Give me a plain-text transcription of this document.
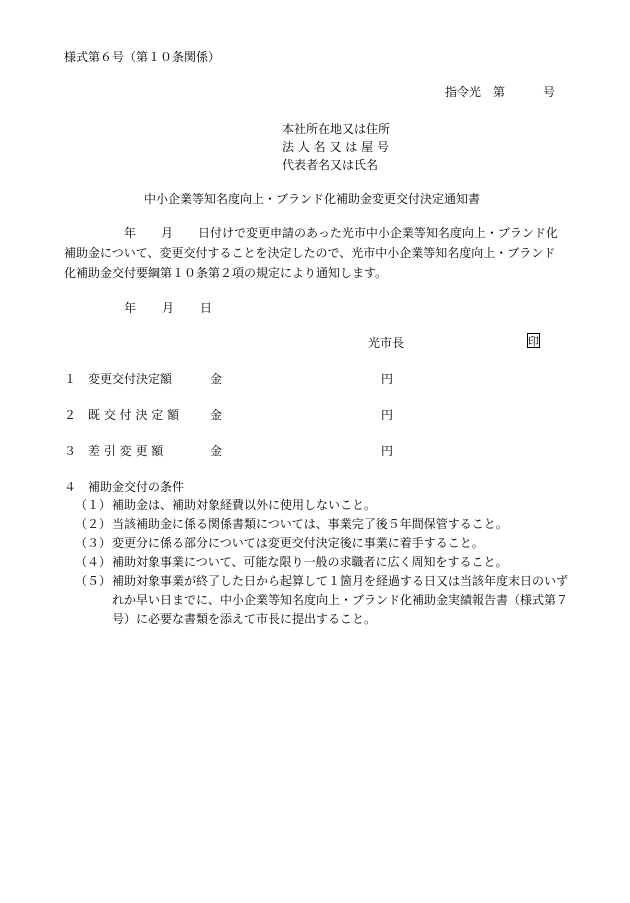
様式第６号（第１０条関係）
指令光 第	号
本社所在地又は住所
法 人 名 又 は 屋 号
代表者名又は氏名
中小企業等知名度向上・ブランド化補助金変更交付決定通知書

年 月 日付けで変更申請のあった光市中小企業等知名度向上・ブランド化補助金について、変更交付することを決定したので、光市中小企業等知名度向上・ブランド化補助金交付要綱第１０条第２項の規定により通知します。

年 月 日
光市長	印
１ 変更交付決定額	金	円
２ 既 交 付 決 定 額	金	円
３ 差 引 変 更 額	金	円
４　補助金交付の条件
（１） 補助金は、補助対象経費以外に使用しないこと。
（２） 当該補助金に係る関係書類については、事業完了後５年間保管すること。
（３） 変更分に係る部分については変更交付決定後に事業に着手すること。
（４） 補助対象事業について、可能な限り一般の求職者に広く周知をすること。
（５） 補助対象事業が終了した日から起算して１箇月を経過する日又は当該年度末日のいずれか早い日までに、中小企業等知名度向上・ブランド化補助金実績報告書（様式第７号）に必要な書類を添えて市長に提出すること。
